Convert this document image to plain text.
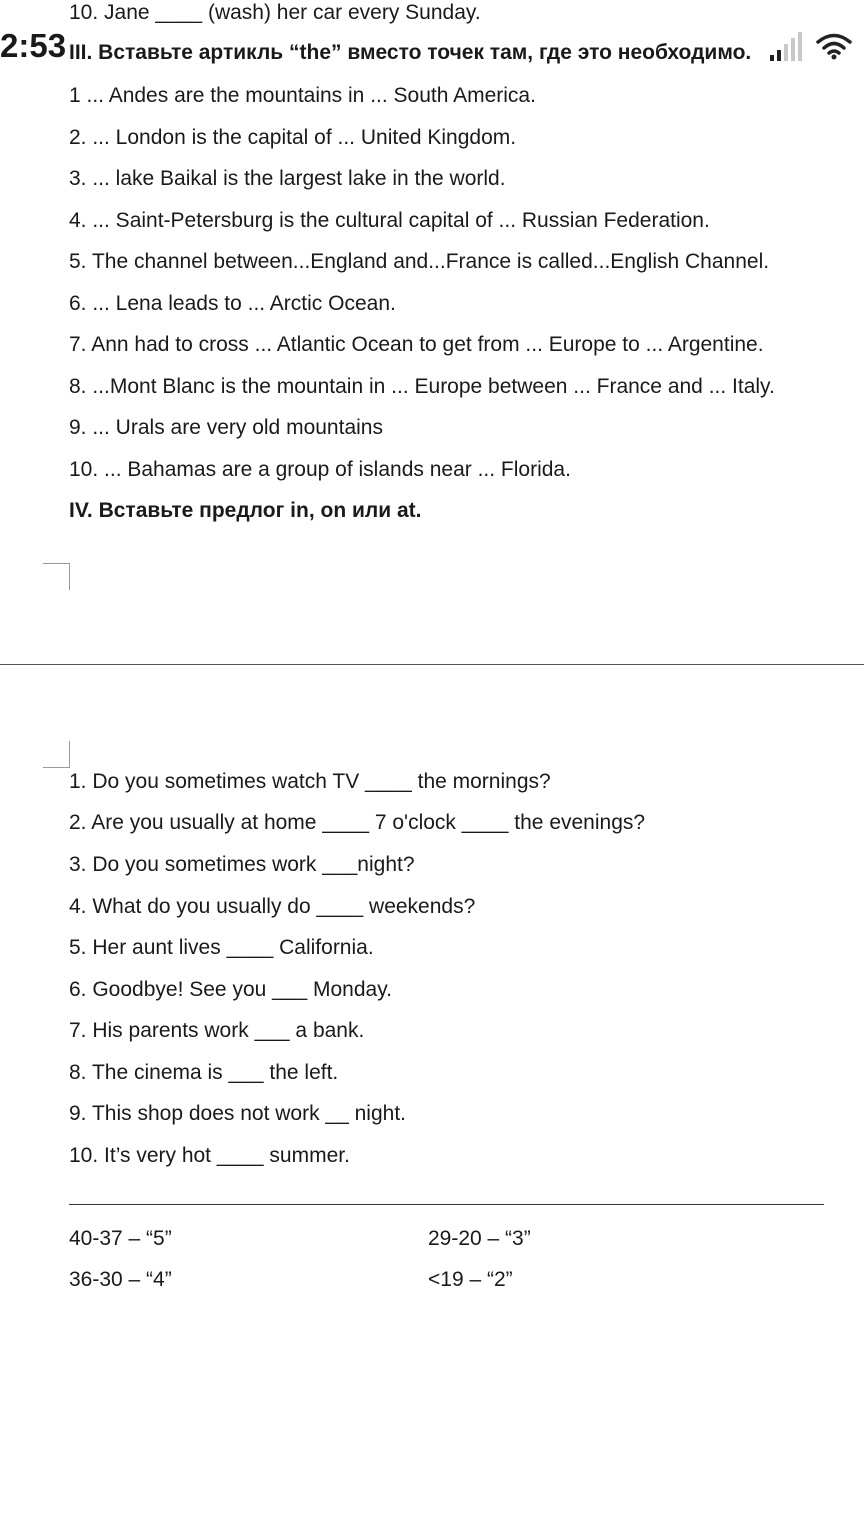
2:53
10. Jane ____ (wash) her car every Sunday.
III. Вставьте артикль “the” вместо точек там, где это необходимо.
1 ... Andes are the mountains in ... South America.
2. ... London is the capital of ... United Kingdom.
3. ... lake Baikal is the largest lake in the world.
4. ... Saint-Petersburg is the cultural capital of ... Russian Federation.
5. The channel between...England and...France is called...English Channel.
6. ... Lena leads to ... Arctic Ocean.
7. Ann had to cross ... Atlantic Ocean to get from ... Europe to ... Argentine.
8. ...Mont Blanc is the mountain in ... Europe between ... France and ... Italy.
9. ... Urals are very old mountains
10. ... Bahamas are a group of islands near ... Florida.
IV. Вставьте предлог in, on или at.
1. Do you sometimes watch TV ____ the mornings?
2. Are you usually at home ____ 7 o'clock ____ the evenings?
3. Do you sometimes work ___night?
4. What do you usually do ____ weekends?
5. Her aunt lives ____ California.
6. Goodbye! See you ___ Monday.
7. His parents work ___ a bank.
8. The cinema is ___ the left.
9. This shop does not work __ night.
10. It’s very hot ____ summer.
40-37 – “5”
36-30 – “4”
29-20 – “3”
<19 – “2”
